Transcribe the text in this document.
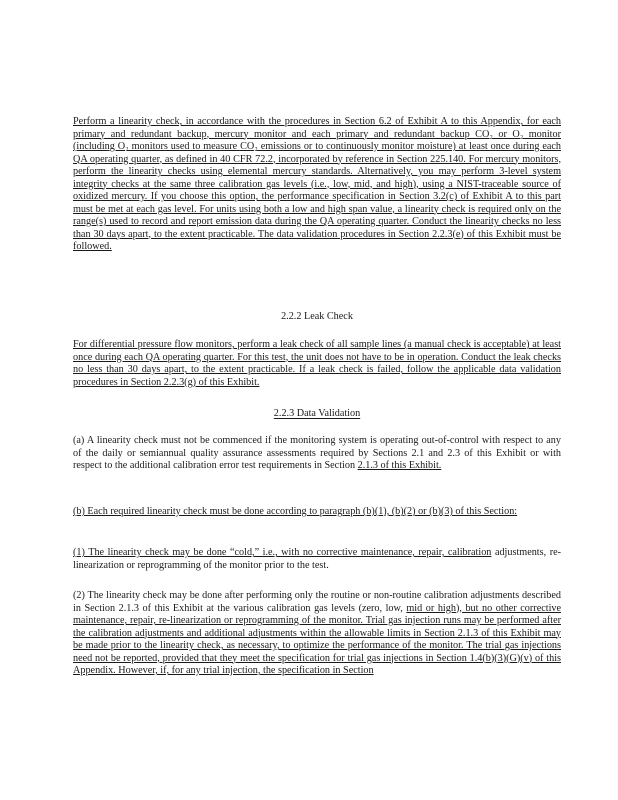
Perform a linearity check, in accordance with the procedures in Section 6.2 of Exhibit A to this Appendix, for each primary and redundant backup, mercury monitor and each primary and redundant backup CO₂ or O₂ monitor (including O₂ monitors used to measure CO₂ emissions or to continuously monitor moisture) at least once during each QA operating quarter, as defined in 40 CFR 72.2, incorporated by reference in Section 225.140. For mercury monitors, perform the linearity checks using elemental mercury standards. Alternatively, you may perform 3-level system integrity checks at the same three calibration gas levels (i.e., low, mid, and high), using a NIST-traceable source of oxidized mercury. If you choose this option, the performance specification in Section 3.2(c) of Exhibit A to this part must be met at each gas level. For units using both a low and high span value, a linearity check is required only on the range(s) used to record and report emission data during the QA operating quarter. Conduct the linearity checks no less than 30 days apart, to the extent practicable. The data validation procedures in Section 2.2.3(e) of this Exhibit must be followed.

2.2.2 Leak Check

For differential pressure flow monitors, perform a leak check of all sample lines (a manual check is acceptable) at least once during each QA operating quarter. For this test, the unit does not have to be in operation. Conduct the leak checks no less than 30 days apart, to the extent practicable. If a leak check is failed, follow the applicable data validation procedures in Section 2.2.3(g) of this Exhibit.

2.2.3 Data Validation

(a) A linearity check must not be commenced if the monitoring system is operating out-of-control with respect to any of the daily or semiannual quality assurance assessments required by Sections 2.1 and 2.3 of this Exhibit or with respect to the additional calibration error test requirements in Section 2.1.3 of this Exhibit.

(b) Each required linearity check must be done according to paragraph (b)(1), (b)(2) or (b)(3) of this Section:

(1) The linearity check may be done “cold,” i.e., with no corrective maintenance, repair, calibration adjustments, re-linearization or reprogramming of the monitor prior to the test.

(2) The linearity check may be done after performing only the routine or non-routine calibration adjustments described in Section 2.1.3 of this Exhibit at the various calibration gas levels (zero, low, mid or high), but no other corrective maintenance, repair, re-linearization or reprogramming of the monitor. Trial gas injection runs may be performed after the calibration adjustments and additional adjustments within the allowable limits in Section 2.1.3 of this Exhibit may be made prior to the linearity check, as necessary, to optimize the performance of the monitor. The trial gas injections need not be reported, provided that they meet the specification for trial gas injections in Section 1.4(b)(3)(G)(v) of this Appendix. However, if, for any trial injection, the specification in Section
